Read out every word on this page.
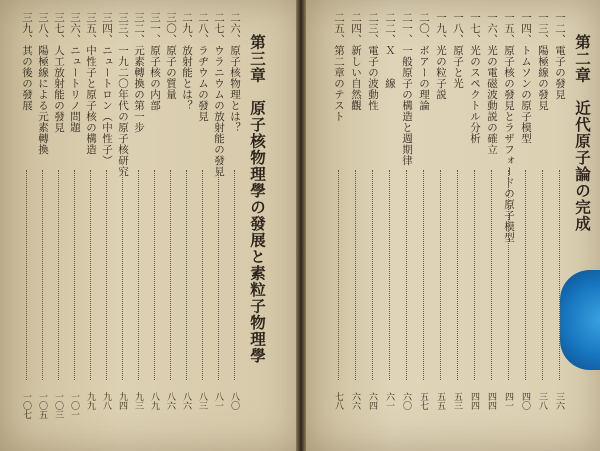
第三章　原子核物理學の發展と素粒子物理學
二六、原子核物理とは？
八〇
二七、ウラニウムの放射能の發見
八一
二八、ラヂウムの發見
八三
二九、放射能とは？
八六
三〇、原子の質量
八六
三一、原子核の内部
八九
三二、元素轉換の第一步
九三
三三、一九二〇年代の原子核研究
九四
三四、ニュートロン（中性子）
九八
三五、中性子と原子核の構造
九九
三六、ニュートリノ問題
一〇一
三七、人工放射能の發見
一〇三
三八、陽極線による元素轉換
一〇五
三九、其の後の發展
一〇七
第二章　近代原子論の完成
一二、電子の發見
三六
一三、陽極線の發見
三八
一四、トムソンの原子模型
四〇
一五、原子核の發見とラザフォードの原子模型
四一
一六、光の電磁波動説の確立
四四
一七、光のスペクトル分析
四四
一八、原子と光
五三
一九、光の粒子説
五五
二〇、ボアーの理論
五七
二一、一般原子の構造と週期律
六〇
二二、Ｘ　　線
六一
二三、電子の波動性
六四
二四、新しい自然觀
六六
二五、第二章のテスト
七八
